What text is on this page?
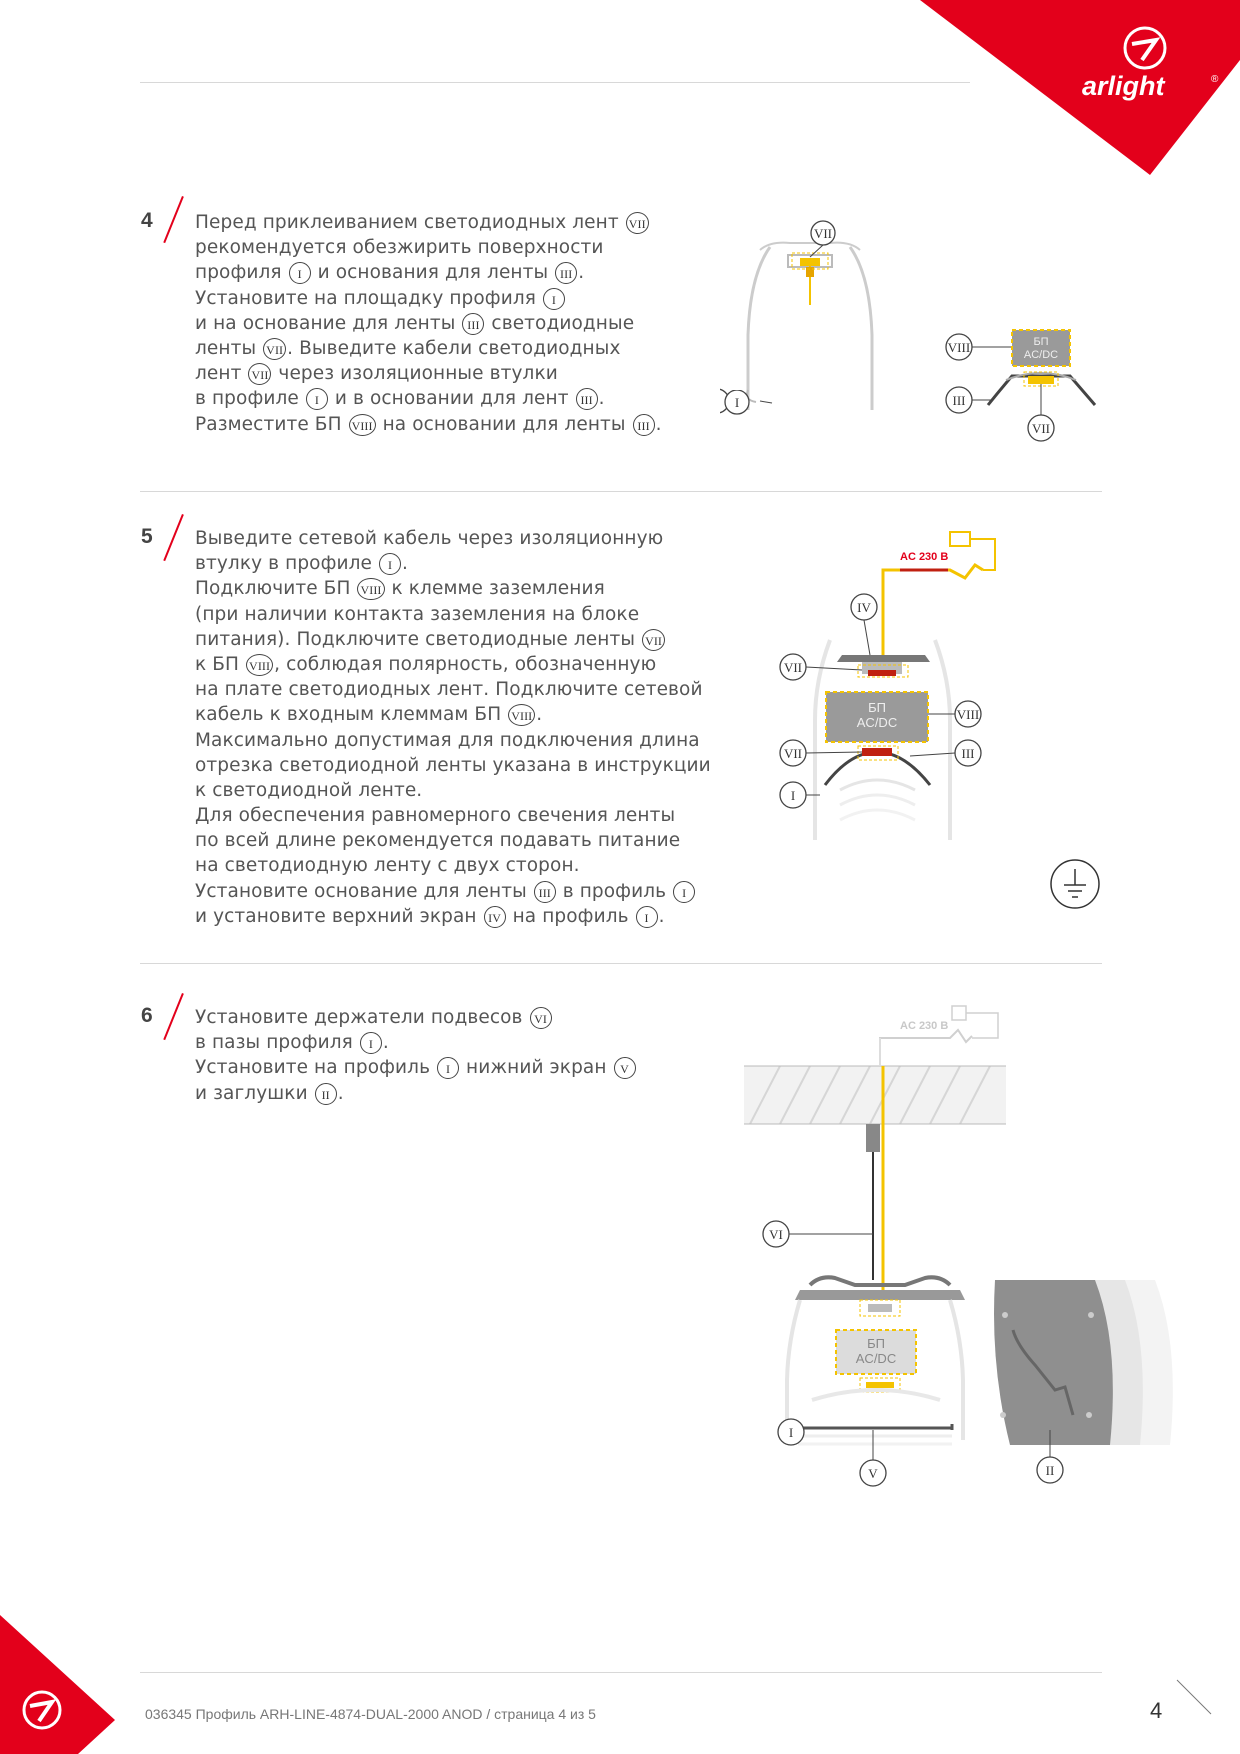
arlight	®
4
5
6
Перед приклеиванием светодиодных лент VII
рекомендуется обезжирить поверхности
профиля I и основания для ленты III .
Установите на площадку профиля I
и на основание для ленты III светодиодные
ленты VII . Выведите кабели светодиодных
лент VII через изоляционные втулки
в профиле I и в основании для лент III .
Разместите БП VIII на основании для ленты III .
Выведите сетевой кабель через изоляционную
втулку в профиле I .
Подключите БП VIII к клемме заземления
(при наличии контакта заземления на блоке
питания). Подключите светодиодные ленты VII
к БП VIII , соблюдая полярность, обозначенную
на плате светодиодных лент. Подключите сетевой
кабель к входным клеммам БП VIII .
Максимально допустимая для подключения длина
отрезка светодиодной ленты указана в инструкции
к светодиодной ленте.
Для обеспечения равномерного свечения ленты
по всей длине рекомендуется подавать питание
на светодиодную ленту с двух сторон.
Установите основание для ленты III в профиль I
и установите верхний экран IV на профиль I .
Установите держатели подвесов VI
в пазы профиля I .
Установите на профиль I нижний экран V
и заглушки II .
VII
I
VIII	БП
AC/DC
III
VII
AC 230 B
БП
AC/DC
IV
VII
VIII
VII	III
I
AC 230 B
VI
БП
AC/DC
I
V	II
036345 Профиль ARH-LINE-4874-DUAL-2000 ANOD / страница 4 из 5	4
